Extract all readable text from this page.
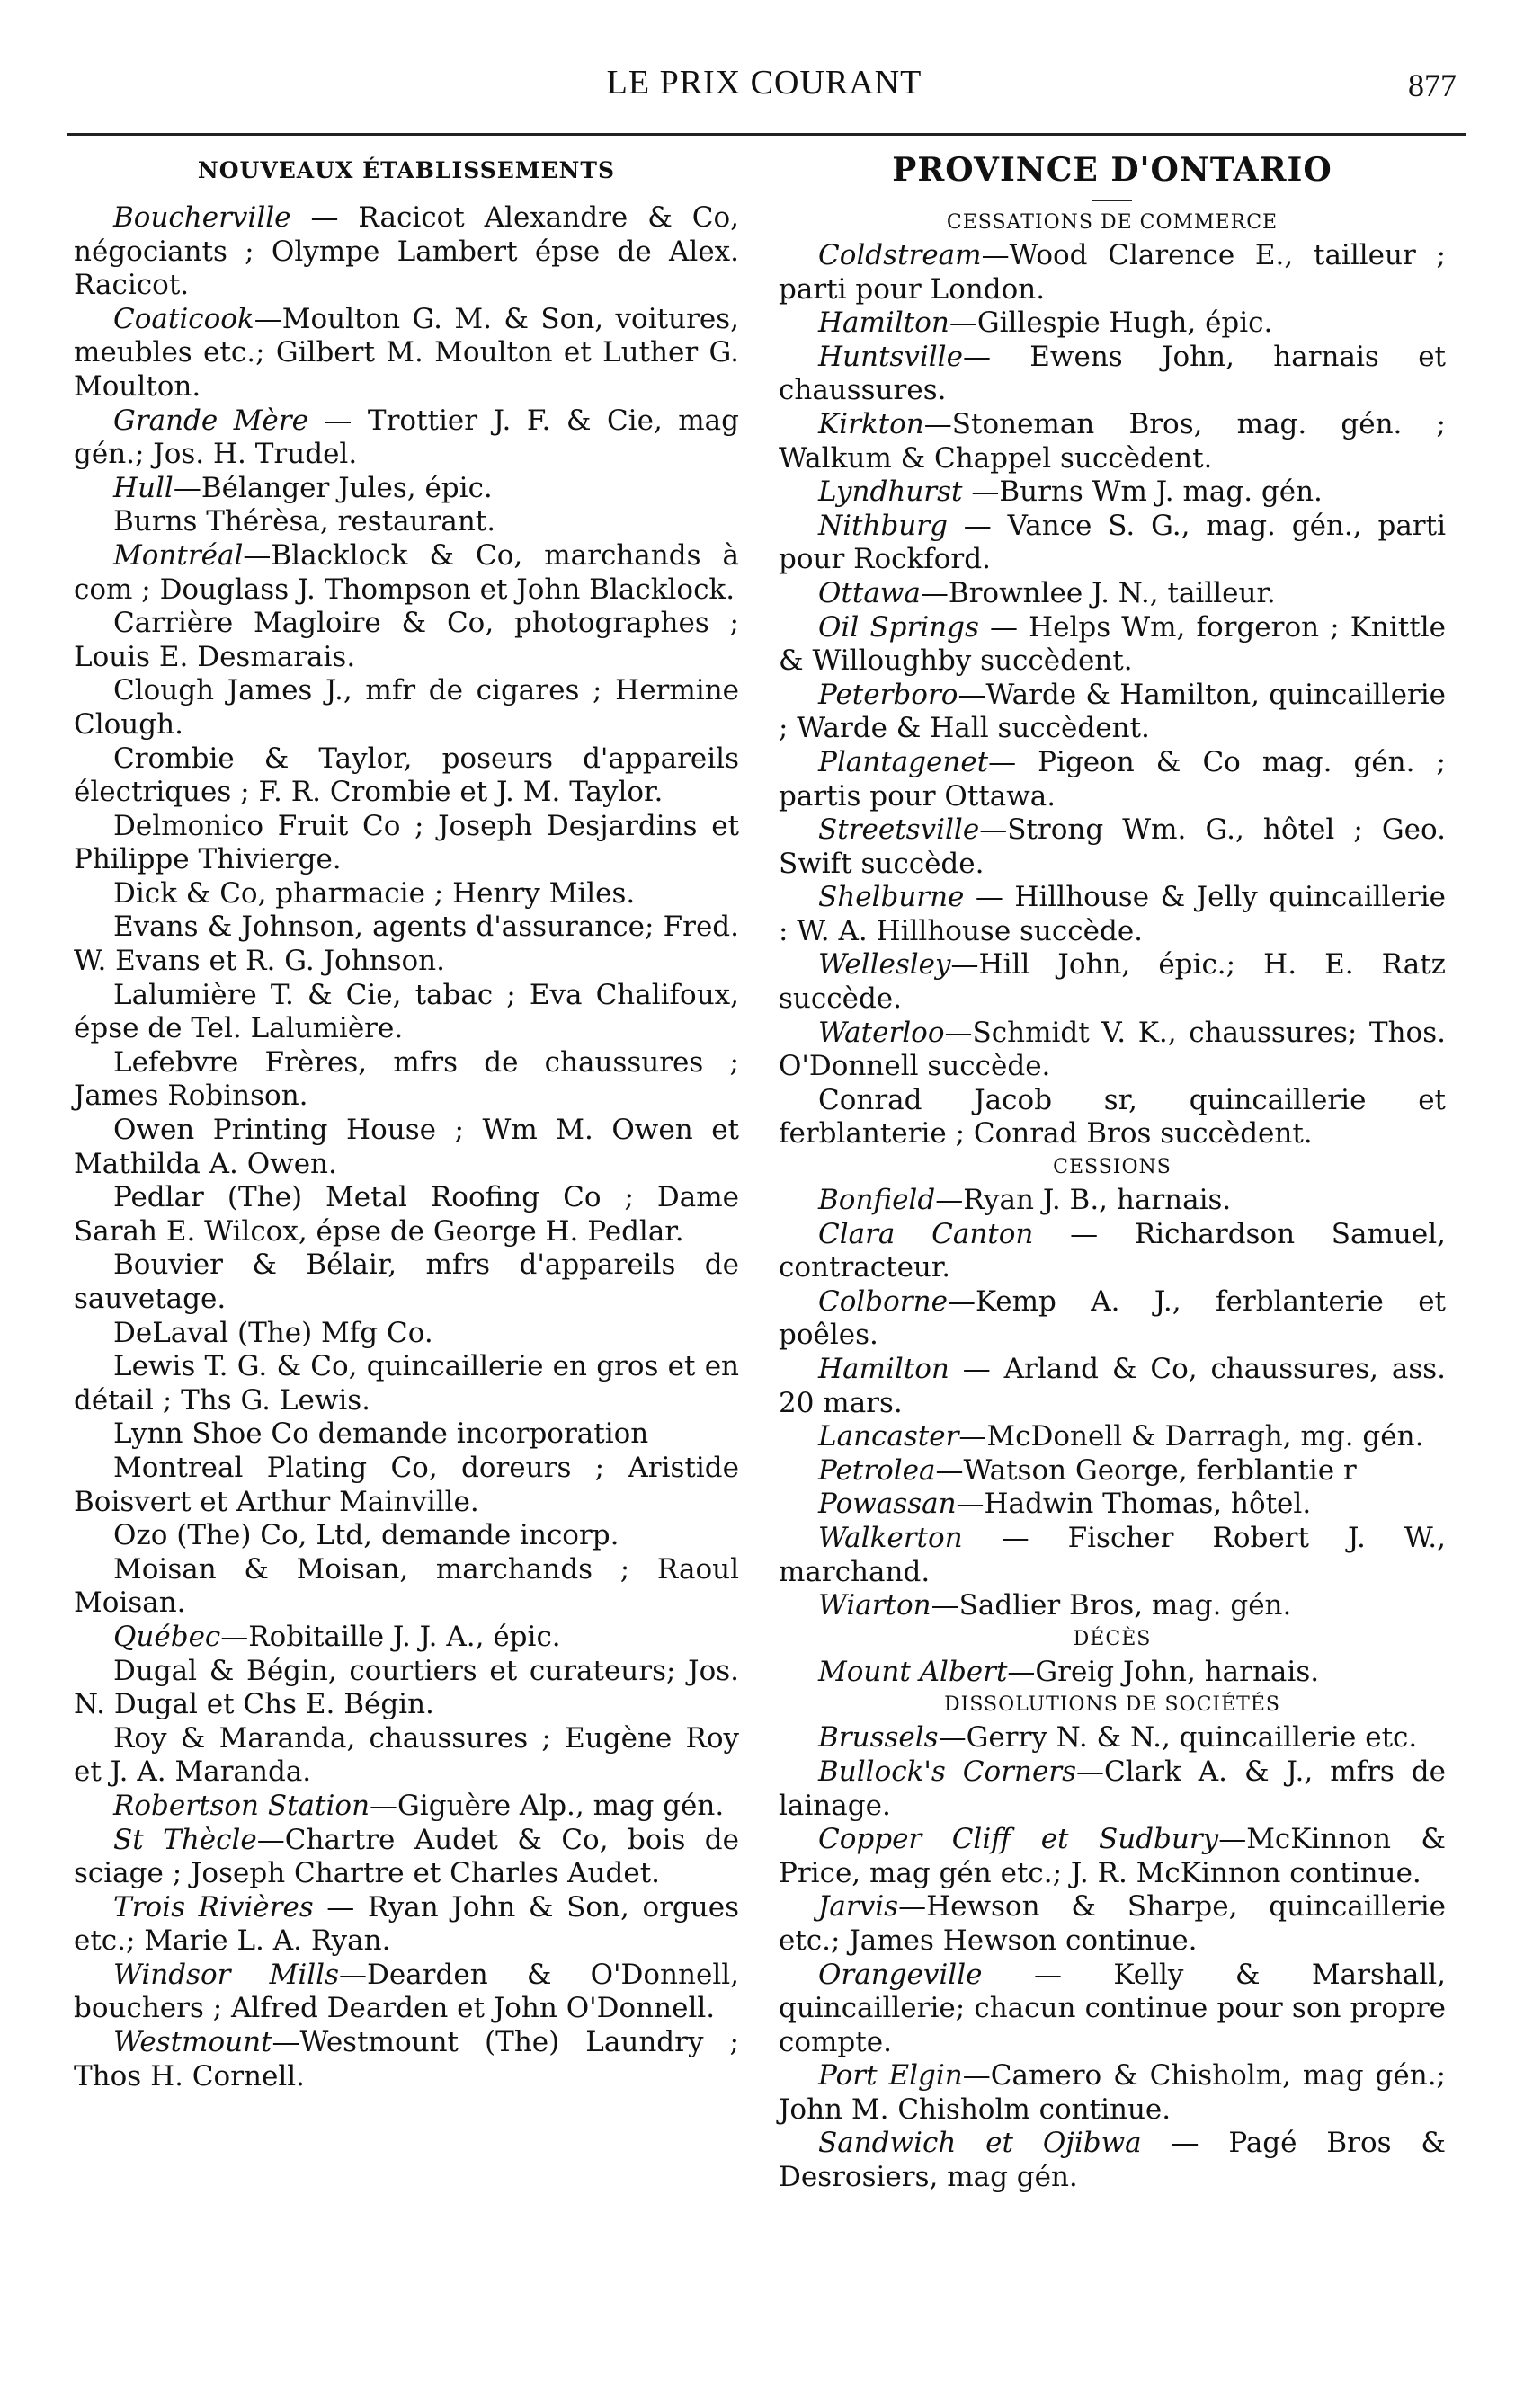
LE PRIX COURANT	877
NOUVEAUX ÉTABLISSEMENTS

Boucherville — Racicot Alexandre & Co, négociants ; Olympe Lambert épse de Alex. Racicot.

Coaticook—Moulton G. M. & Son, voitures, meubles etc.; Gilbert M. Moulton et Luther G. Moulton.

Grande Mère — Trottier J. F. & Cie, mag gén.; Jos. H. Trudel.

Hull—Bélanger Jules, épic.

Burns Thérèsa, restaurant.

Montréal—Blacklock & Co, marchands à com ; Douglass J. Thompson et John Blacklock.

Carrière Magloire & Co, photographes ; Louis E. Desmarais.

Clough James J., mfr de cigares ; Hermine Clough.

Crombie & Taylor, poseurs d'appareils électriques ; F. R. Crombie et J. M. Taylor.

Delmonico Fruit Co ; Joseph Desjardins et Philippe Thivierge.

Dick & Co, pharmacie ; Henry Miles.

Evans & Johnson, agents d'assurance; Fred. W. Evans et R. G. Johnson.

Lalumière T. & Cie, tabac ; Eva Chalifoux, épse de Tel. Lalumière.

Lefebvre Frères, mfrs de chaussures ; James Robinson.

Owen Printing House ; Wm M. Owen et Mathilda A. Owen.

Pedlar (The) Metal Roofing Co ; Dame Sarah E. Wilcox, épse de George H. Pedlar.

Bouvier & Bélair, mfrs d'appareils de sauvetage.

DeLaval (The) Mfg Co.

Lewis T. G. & Co, quincaillerie en gros et en détail ; Ths G. Lewis.

Lynn Shoe Co demande incorporation

Montreal Plating Co, doreurs ; Aristide Boisvert et Arthur Mainville.

Ozo (The) Co, Ltd, demande incorp.

Moisan & Moisan, marchands ; Raoul Moisan.

Québec—Robitaille J. J. A., épic.

Dugal & Bégin, courtiers et curateurs; Jos. N. Dugal et Chs E. Bégin.

Roy & Maranda, chaussures ; Eugène Roy et J. A. Maranda.

Robertson Station—Giguère Alp., mag gén.

St Thècle—Chartre Audet & Co, bois de sciage ; Joseph Chartre et Charles Audet.

Trois Rivières — Ryan John & Son, orgues etc.; Marie L. A. Ryan.

Windsor Mills—Dearden & O'Donnell, bouchers ; Alfred Dearden et John O'Donnell.

Westmount—Westmount (The) Laundry ; Thos H. Cornell.

PROVINCE D'ONTARIO
CESSATIONS DE COMMERCE

Coldstream—Wood Clarence E., tailleur ; parti pour London.

Hamilton—Gillespie Hugh, épic.

Huntsville— Ewens John, harnais et chaussures.

Kirkton—Stoneman Bros, mag. gén. ; Walkum & Chappel succèdent.

Lyndhurst —Burns Wm J. mag. gén.

Nithburg — Vance S. G., mag. gén., parti pour Rockford.

Ottawa—Brownlee J. N., tailleur.

Oil Springs — Helps Wm, forgeron ; Knittle & Willoughby succèdent.

Peterboro—Warde & Hamilton, quincaillerie ; Warde & Hall succèdent.

Plantagenet— Pigeon & Co mag. gén. ; partis pour Ottawa.

Streetsville—Strong Wm. G., hôtel ; Geo. Swift succède.

Shelburne — Hillhouse & Jelly quincaillerie : W. A. Hillhouse succède.

Wellesley—Hill John, épic.; H. E. Ratz succède.

Waterloo—Schmidt V. K., chaussures; Thos. O'Donnell succède.

Conrad Jacob sr, quincaillerie et ferblanterie ; Conrad Bros succèdent.

CESSIONS

Bonfield—Ryan J. B., harnais.

Clara Canton — Richardson Samuel, contracteur.

Colborne—Kemp A. J., ferblanterie et poêles.

Hamilton — Arland & Co, chaussures, ass. 20 mars.

Lancaster—McDonell & Darragh, mg. gén.

Petrolea—Watson George, ferblantie r

Powassan—Hadwin Thomas, hôtel.

Walkerton — Fischer Robert J. W., marchand.

Wiarton—Sadlier Bros, mag. gén.

DÉCÈS

Mount Albert—Greig John, harnais.

DISSOLUTIONS DE SOCIÉTÉS

Brussels—Gerry N. & N., quincaillerie etc.

Bullock's Corners—Clark A. & J., mfrs de lainage.

Copper Cliff et Sudbury—McKinnon & Price, mag gén etc.; J. R. McKinnon continue.

Jarvis—Hewson & Sharpe, quincaillerie etc.; James Hewson continue.

Orangeville — Kelly & Marshall, quincaillerie; chacun continue pour son propre compte.

Port Elgin—Camero & Chisholm, mag gén.; John M. Chisholm continue.

Sandwich et Ojibwa — Pagé Bros & Desrosiers, mag gén.
